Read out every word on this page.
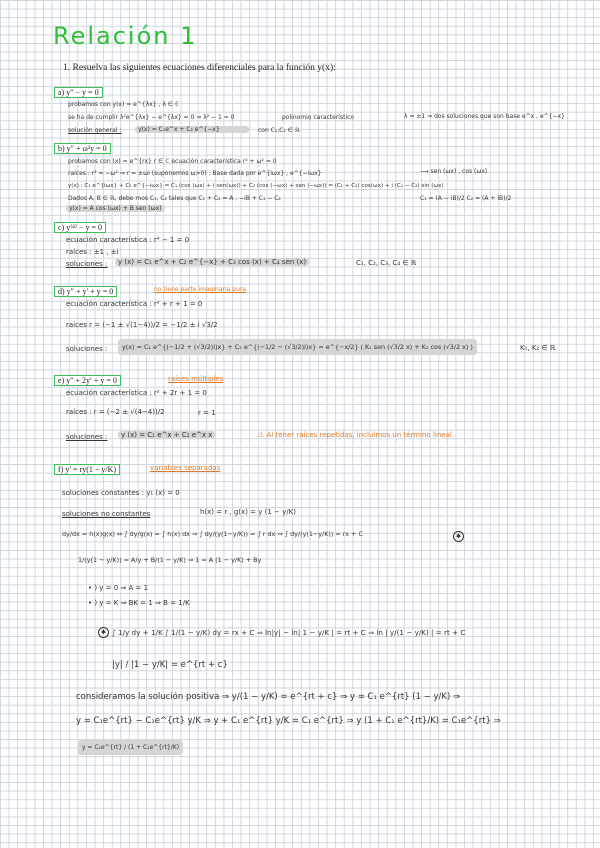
Relación 1
1. Resuelva las siguientes ecuaciones diferenciales para la función y(x):
a) y″ − y = 0
probamos con y(x) = e^{λx} , λ ∈ ℂ
se ha de cumplir λ²e^{λx} − e^{λx} = 0 ⇒ λ² − 1 = 0	polinomio característico	λ = ±1 ⇒ dos soluciones que son base e^x , e^{−x}
solución general :	y(x) = C₁e^x + C₂ e^{−x}	con C₁,C₂ ∈ ℝ
b) y″ + ω²y = 0
probamos con (x) = e^{rx} r ∈ ℂ ecuación característica r² + ω² = 0
raíces : r² = −ω² ⇒ r = ±ωi (suponemos ω>0) . Base dada por e^{iωx} , e^{−iωx}	⟶ sen (ωx) , cos (ωx)
y(x) : C₁ e^{iωx} + C₂ e^{−iωx} = C₁ (cos (ωx) + i sen(ωx)) + C₂ (cos (−ωx) + sen (−ωx)) = (C₁ + C₂) cos(ωx) + i (C₁ − C₂) sin (ωx)
Dados A, B ∈ ℝ, debe mos C₁, C₂ tales que C₁ + C₂ = A , −iB + C₁ − C₂	C₁ = (A − iB)/2 C₂ = (A + iB)/2
y(x) = A cos (ωx) + B sen (ωx)
c) y⁽⁴⁾ − y = 0
ecuación característica : r⁴ − 1 = 0
raíces : ±1 , ±i
soluciones :	y (x) = C₁ e^x + C₂ e^{−x} + C₃ cos (x) + C₄ sen (x)	C₁, C₂, C₃, C₄ ∈ ℝ
d) y″ + y′ + y = 0	no tiene parte imaginaria pura
ecuación característica : r² + r + 1 = 0
raíces r = (−1 ± √(1−4))/2 = −1/2 ± i √3/2
soluciones :	y(x) = C₁ e^{(−1/2 + (√3/2)i)x} + C₂ e^{(−1/2 − (√3/2)i)x} = e^{−x/2} ( K₁ sen (√3/2 x) + K₂ cos (√3/2 x) )	K₁, K₂ ∈ ℝ
e) y″ + 2y′ + y = 0	raíces múltiples
ecuación característica : r² + 2r + 1 = 0
raíces : r = (−2 ± √(4−4))/2	r = 1
soluciones :	y (x) = C₁ e^x + C₂ e^x x	⚠ Al tener raíces repetidas, incluimos un término lineal
f) y′ = ry(1 − y/K)	variables separadas
soluciones constantes : y₁ (x) = 0
soluciones no constantes	h(x) = r , g(x) = y (1 − y/K)
dy/dx = h(x)g(x) ⇔ ∫ dy/g(x) = ∫ h(x) dx ⇒ ∫ dy/(y(1−y/K)) = ∫ r dx ⇒ ∫ dy/(y(1−y/K)) = rx + C	✱
1/(y(1 − y/K)) = A/y + B/(1 − y/K) ⇒ 1 = A (1 − y/K) + By
• ) y = 0 ⇒ A = 1
• ) y = K ⇒ BK = 1 ⇒ B = 1/K
✱ ∫ 1/y dy + 1/K ∫ 1/(1 − y/K) dy = rx + C ⇒ ln|y| − ln| 1 − y/K | = rt + C ⇒ ln | y/(1 − y/K) | = rt + C
|y| / |1 − y/K| = e^{rt + c}
consideramos la solución positiva ⇒ y/(1 − y/K) = e^{rt + c} ⇒ y = C₁ e^{rt} (1 − y/K) ⇒
y = C₁e^{rt} − C₁e^{rt} y/K ⇒ y + C₁ e^{rt} y/K = C₁ e^{rt} ⇒ y (1 + C₁ e^{rt}/K) = C₁e^{rt} ⇒
y = C₁e^{rt} / (1 + C₁e^{rt}/K)
